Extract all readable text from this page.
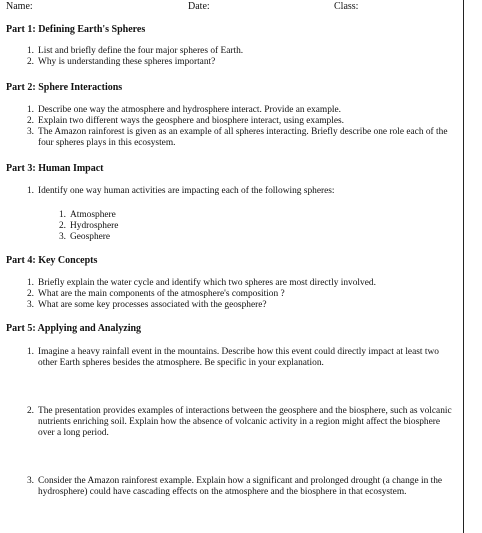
Name:	Date:	Class:
Part 1: Defining Earth's Spheres
1. List and briefly define the four major spheres of Earth.
2. Why is understanding these spheres important?
Part 2: Sphere Interactions
1. Describe one way the atmosphere and hydrosphere interact. Provide an example.
2. Explain two different ways the geosphere and biosphere interact, using examples.
3. The Amazon rainforest is given as an example of all spheres interacting. Briefly describe one role each of the four spheres plays in this ecosystem.
Part 3: Human Impact
1. Identify one way human activities are impacting each of the following spheres:
1. Atmosphere
2. Hydrosphere
3. Geosphere
Part 4: Key Concepts
1. Briefly explain the water cycle and identify which two spheres are most directly involved.
2. What are the main components of the atmosphere's composition ?
3. What are some key processes associated with the geosphere?
Part 5: Applying and Analyzing
1. Imagine a heavy rainfall event in the mountains. Describe how this event could directly impact at least two other Earth spheres besides the atmosphere. Be specific in your explanation.
2. The presentation provides examples of interactions between the geosphere and the biosphere, such as volcanic nutrients enriching soil. Explain how the absence of volcanic activity in a region might affect the biosphere over a long period.
3. Consider the Amazon rainforest example. Explain how a significant and prolonged drought (a change in the hydrosphere) could have cascading effects on the atmosphere and the biosphere in that ecosystem.
